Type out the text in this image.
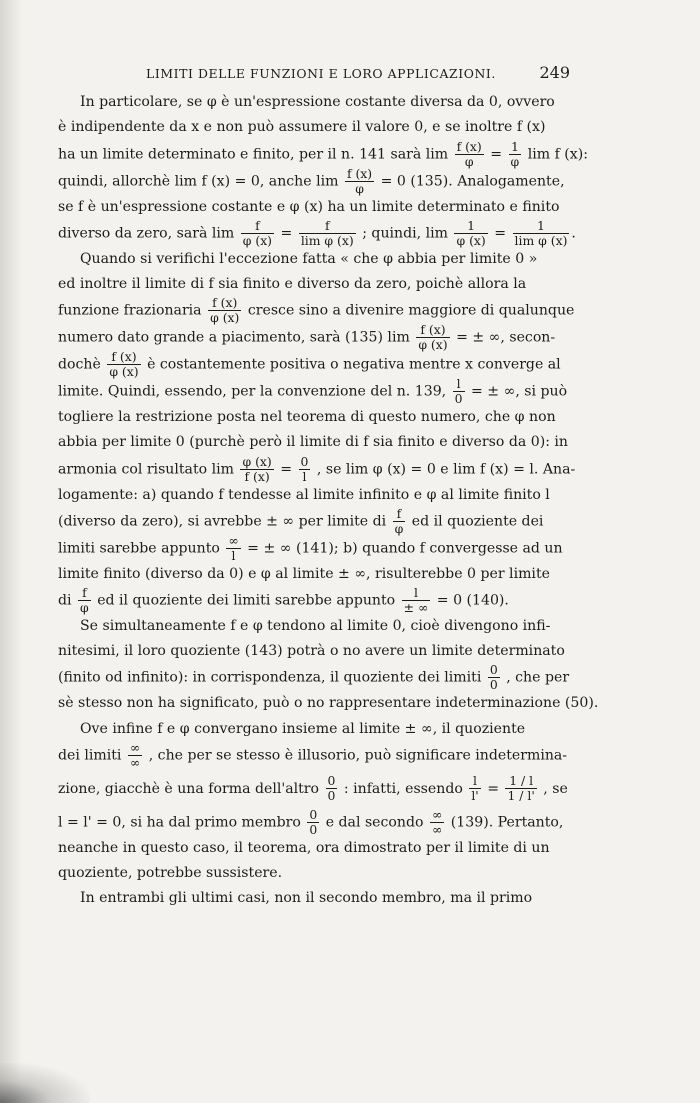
LIMITI DELLE FUNZIONI E LORO APPLICAZIONI.	249

In particolare, se φ è un'espressione costante diversa da 0, ovvero

è indipendente da x e non può assumere il valore 0, e se inoltre f (x)
ha un limite determinato e finito, per il n. 141 sarà $\lim \frac{f (x)}{\varphi} = \frac{1}{\varphi}$ lim f (x):
quindi, allorchè lim f (x) = 0, anche $\lim \frac{f (x)}{\varphi} = 0$ (135). Analogamente,
se f è un'espressione costante e φ (x) ha un limite determinato e finito
diverso da zero, sarà $\lim \frac{f}{\varphi (x)} = \frac{f}{\text{lim φ (x)}}$ ; quindi, $\lim \frac{1}{\varphi (x)} = \frac{1}{\text{lim φ (x)}}$ .

Quando si verifichi l'eccezione fatta « che φ abbia per limite 0 »

ed inoltre il limite di f sia finito e diverso da zero, poichè allora la
funzione frazionaria $\frac{f (x)}{\varphi (x)}$ cresce sino a divenire maggiore di qualunque
numero dato grande a piacimento, sarà (135) $\lim \frac{f (x)}{\varphi (x)}$ = ± ∞, secon-
dochè $\frac{f (x)}{\varphi (x)}$ è costantemente positiva o negativa mentre x converge al
limite. Quindi, essendo, per la convenzione del n. 139, $\frac{l}{0}$ = ± ∞, si può
togliere la restrizione posta nel teorema di questo numero, che φ non
abbia per limite 0 (purchè però il limite di f sia finito e diverso da 0): in
armonia col risultato $\lim \frac{\varphi (x)}{f (x)} = \frac{0}{l}$ , se lim φ (x) = 0 e lim f (x) = l. Ana-
logamente: a) quando f tendesse al limite infinito e φ al limite finito l
(diverso da zero), si avrebbe ± ∞ per limite di $\frac{f}{\varphi}$ ed il quoziente dei
limiti sarebbe appunto $\frac{\infty}{l}$ = ± ∞ (141); b) quando f convergesse ad un
limite finito (diverso da 0) e φ al limite ± ∞, risulterebbe 0 per limite
di $\frac{f}{\varphi}$ ed il quoziente dei limiti sarebbe appunto $\frac{l}{\pm \infty} = 0$ (140).

Se simultaneamente f e φ tendono al limite 0, cioè divengono infi-

nitesimi, il loro quoziente (143) potrà o no avere un limite determinato
(finito od infinito): in corrispondenza, il quoziente dei limiti $\frac{0}{0}$ , che per
sè stesso non ha significato, può o no rappresentare indeterminazione (50).

Ove infine f e φ convergano insieme al limite ± ∞, il quoziente

dei limiti $\frac{\infty}{\infty}$ , che per se stesso è illusorio, può significare indetermina-
zione, giacchè è una forma dell'altro $\frac{0}{0}$ : infatti, essendo $\frac{l}{l'} = \frac{1 / l}{1 / l'}$ , se
l = l' = 0, si ha dal primo membro $\frac{0}{0}$ e dal secondo $\frac{\infty}{\infty} (139)$. Pertanto,
neanche in questo caso, il teorema, ora dimostrato per il limite di un
quoziente, potrebbe sussistere.

In entrambi gli ultimi casi, non il secondo membro, ma il primo
